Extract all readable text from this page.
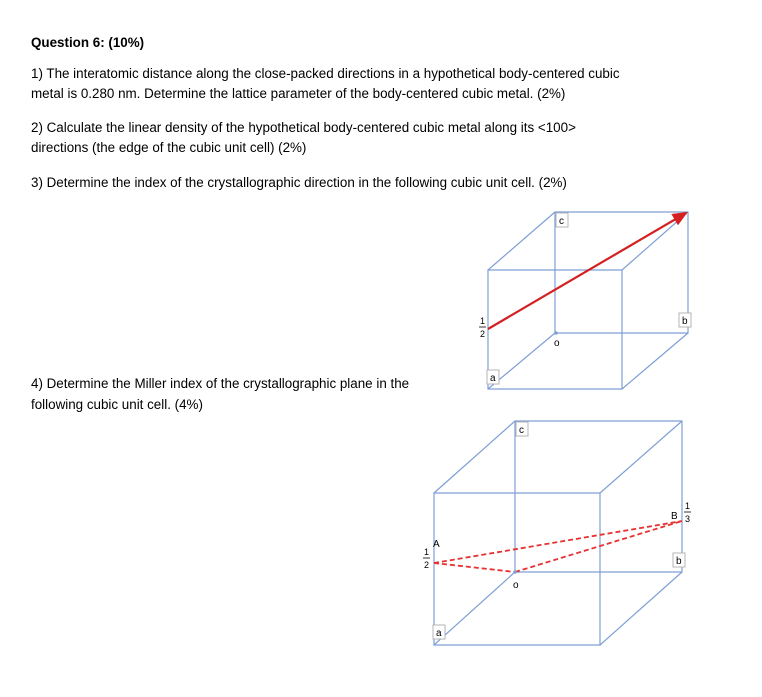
Question 6: (10%)

1) The interatomic distance along the close-packed directions in a hypothetical body-centered cubic

metal is 0.280 nm. Determine the lattice parameter of the body-centered cubic metal. (2%)

2) Calculate the linear density of the hypothetical body-centered cubic metal along its <100>

directions (the edge of the cubic unit cell) (2%)

3) Determine the index of the crystallographic direction in the following cubic unit cell. (2%)

4) Determine the Miller index of the crystallographic plane in the

following cubic unit cell. (4%)

c
b
a
o
1
2
c
b
a
o
A
1
2
B
1
3
